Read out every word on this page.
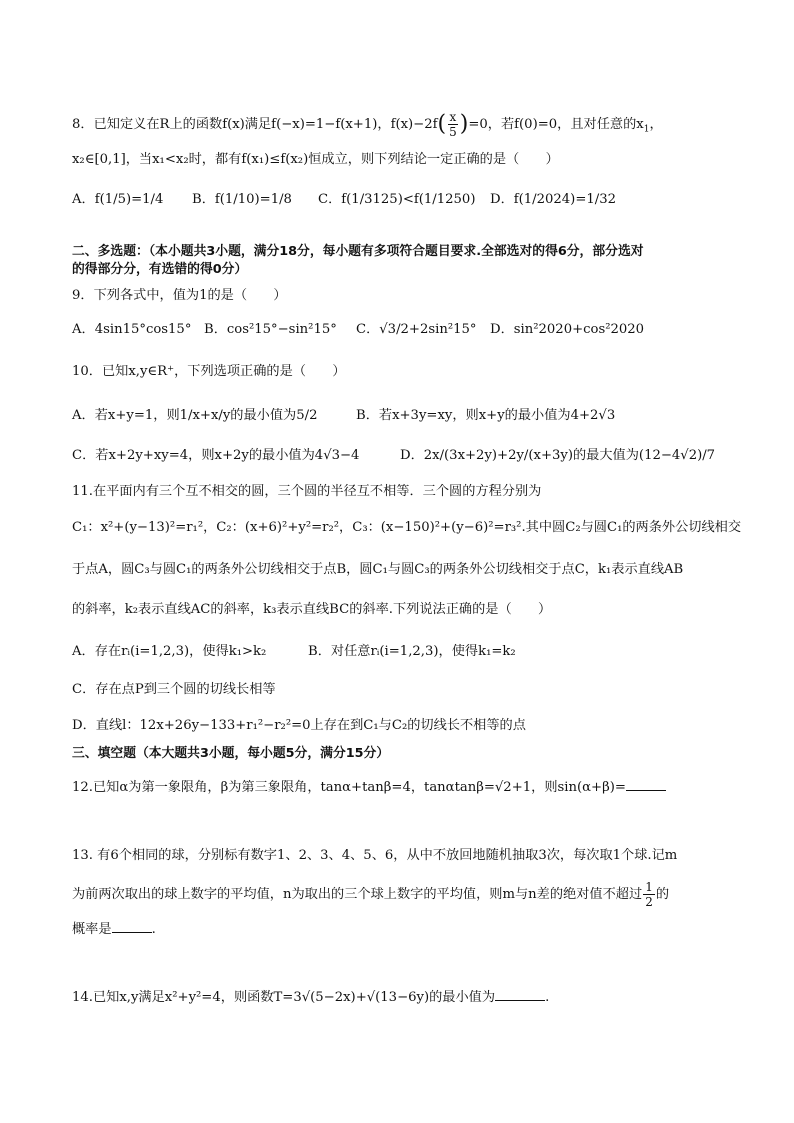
8．已知定义在R上的函数f(x)满足f(−x)=1−f(x+1)，$f(x)-2f( \frac{x}{5} )=0$，若f(0)=0，且对任意的$x_1$，
x₂∈[0,1]，当x₁<x₂时，都有f(x₁)≤f(x₂)恒成立，则下列结论一定正确的是（　　）
A．f(1/5)=1/4 B．f(1/10)=1/8 C．f(1/3125)<f(1/1250) D．f(1/2024)=1/32
二、多选题：（本小题共3小题，满分18分，每小题有多项符合题目要求.全部选对的得6分，部分选对
的得部分分，有选错的得0分）
9．下列各式中，值为1的是（　　）
A．4sin15°cos15° B．cos²15°−sin²15° C．√3/2+2sin²15° D．sin²2020+cos²2020
10．已知x,y∈R⁺，下列选项正确的是（　　）
A．若x+y=1，则1/x+x/y的最小值为5/2	B．若x+3y=xy，则x+y的最小值为4+2√3
C．若x+2y+xy=4，则x+2y的最小值为4√3−4	D．2x/(3x+2y)+2y/(x+3y)的最大值为(12−4√2)/7
11.在平面内有三个互不相交的圆，三个圆的半径互不相等．三个圆的方程分别为
C₁：x²+(y−13)²=r₁²，C₂：(x+6)²+y²=r₂²，C₃：(x−150)²+(y−6)²=r₃².其中圆C₂与圆C₁的两条外公切线相交
于点A，圆C₃与圆C₁的两条外公切线相交于点B，圆C₁与圆C₃的两条外公切线相交于点C，k₁表示直线AB
的斜率，k₂表示直线AC的斜率，k₃表示直线BC的斜率.下列说法正确的是（　　）
A．存在rᵢ(i=1,2,3)，使得k₁>k₂	B．对任意rᵢ(i=1,2,3)，使得k₁=k₂
C．存在点P到三个圆的切线长相等
D．直线l：12x+26y−133+r₁²−r₂²=0上存在到C₁与C₂的切线长不相等的点
三、填空题（本大题共3小题，每小题5分，满分15分）
12.已知α为第一象限角，β为第三象限角，tanα+tanβ=4，tanαtanβ=√2+1，则sin(α+β)=
13. 有6个相同的球，分别标有数字1、2、3、4、5、6，从中不放回地随机抽取3次，每次取1个球.记m
为前两次取出的球上数字的平均值，n为取出的三个球上数字的平均值，则m与n差的绝对值不超过 $\frac{1}{2}$ 的
概率是	.
14.已知x,y满足x²+y²=4，则函数T=3√(5−2x)+√(13−6y)的最小值为	.
